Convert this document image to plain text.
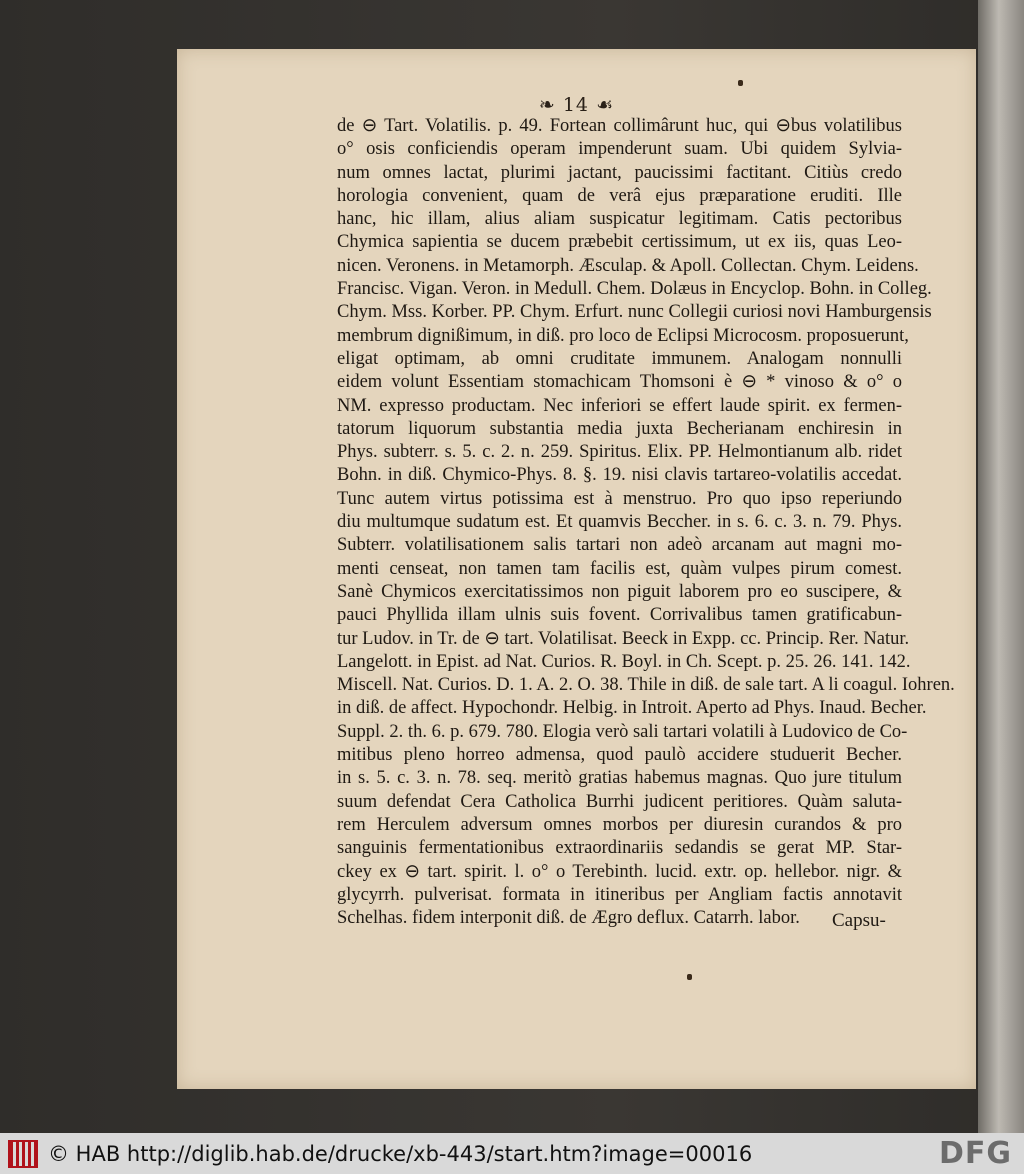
❧ 14 ☙
de ⊖ Tart. Volatilis. p. 49. Fortean collimârunt huc, qui ⊖bus volatilibus
o° osis conficiendis operam impenderunt suam. Ubi quidem Sylvia-
num omnes lactat, plurimi jactant, paucissimi factitant. Citiùs credo
horologia convenient, quam de verâ ejus præparatione eruditi. Ille
hanc, hic illam, alius aliam suspicatur legitimam. Catis pectoribus
Chymica sapientia se ducem præbebit certissimum, ut ex iis, quas Leo-
nicen. Veronens. in Metamorph. Æsculap. & Apoll. Collectan. Chym. Leidens.
Francisc. Vigan. Veron. in Medull. Chem. Dolæus in Encyclop. Bohn. in Colleg.
Chym. Mss. Korber. PP. Chym. Erfurt. nunc Collegii curiosi novi Hamburgensis
membrum dignißimum, in diß. pro loco de Eclipsi Microcosm. proposuerunt,
eligat optimam, ab omni cruditate immunem. Analogam nonnulli
eidem volunt Essentiam stomachicam Thomsoni è ⊖ * vinoso & o° o
NM. expresso productam. Nec inferiori se effert laude spirit. ex fermen-
tatorum liquorum substantia media juxta Becherianam enchiresin in
Phys. subterr. s. 5. c. 2. n. 259. Spiritus. Elix. PP. Helmontianum alb. ridet
Bohn. in diß. Chymico-Phys. 8. §. 19. nisi clavis tartareo-volatilis accedat.
Tunc autem virtus potissima est à menstruo. Pro quo ipso reperiundo
diu multumque sudatum est. Et quamvis Beccher. in s. 6. c. 3. n. 79. Phys.
Subterr. volatilisationem salis tartari non adeò arcanam aut magni mo-
menti censeat, non tamen tam facilis est, quàm vulpes pirum comest.
Sanè Chymicos exercitatissimos non piguit laborem pro eo suscipere, &
pauci Phyllida illam ulnis suis fovent. Corrivalibus tamen gratificabun-
tur Ludov. in Tr. de ⊖ tart. Volatilisat. Beeck in Expp. cc. Princip. Rer. Natur.
Langelott. in Epist. ad Nat. Curios. R. Boyl. in Ch. Scept. p. 25. 26. 141. 142.
Miscell. Nat. Curios. D. 1. A. 2. O. 38. Thile in diß. de sale tart. A li coagul. Iohren.
in diß. de affect. Hypochondr. Helbig. in Introit. Aperto ad Phys. Inaud. Becher.
Suppl. 2. th. 6. p. 679. 780. Elogia verò sali tartari volatili à Ludovico de Co-
mitibus pleno horreo admensa, quod paulò accidere studuerit Becher.
in s. 5. c. 3. n. 78. seq. meritò gratias habemus magnas. Quo jure titulum
suum defendat Cera Catholica Burrhi judicent peritiores. Quàm saluta-
rem Herculem adversum omnes morbos per diuresin curandos & pro
sanguinis fermentationibus extraordinariis sedandis se gerat MP. Star-
ckey ex ⊖ tart. spirit. l. o° o Terebinth. lucid. extr. op. hellebor. nigr. &
glycyrrh. pulverisat. formata in itineribus per Angliam factis annotavit
Schelhas. fidem interponit diß. de Ægro deflux. Catarrh. labor.	Capsu-
© HAB http://diglib.hab.de/drucke/xb-443/start.htm?image=00016	DFG
